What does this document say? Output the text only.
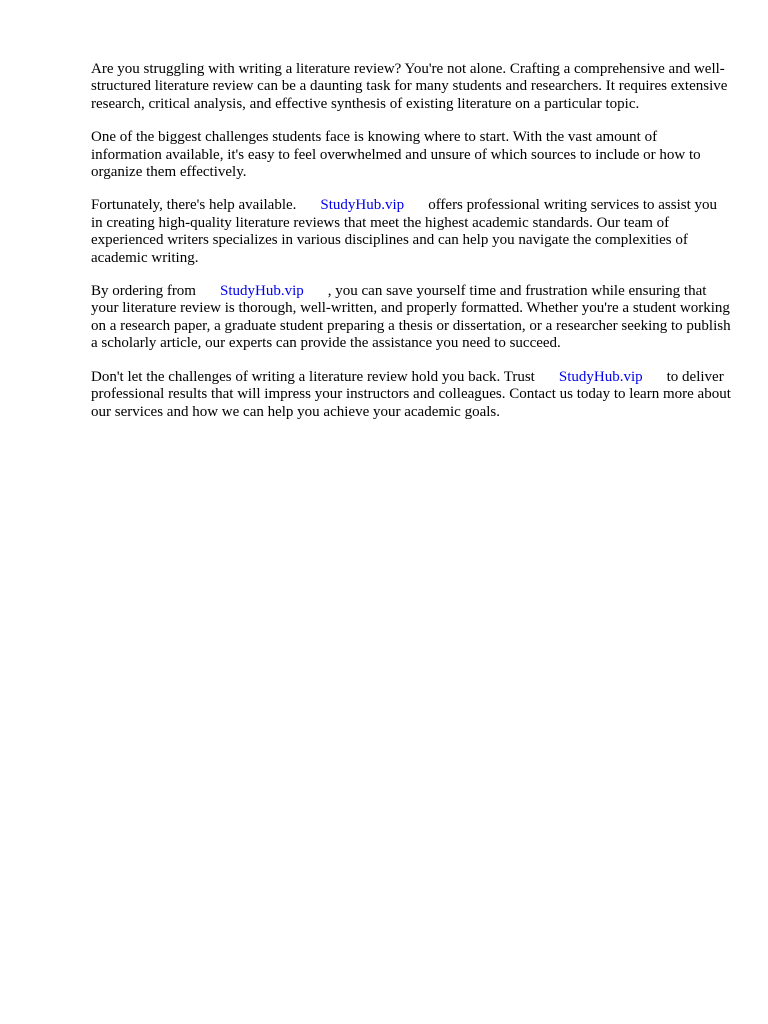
Are you struggling with writing a literature review? You're not alone. Crafting a comprehensive and well-structured literature review can be a daunting task for many students and researchers. It requires extensive research, critical analysis, and effective synthesis of existing literature on a particular topic.

One of the biggest challenges students face is knowing where to start. With the vast amount of information available, it's easy to feel overwhelmed and unsure of which sources to include or how to organize them effectively.

Fortunately, there's help available. StudyHub.vip offers professional writing services to assist you in creating high-quality literature reviews that meet the highest academic standards. Our team of experienced writers specializes in various disciplines and can help you navigate the complexities of academic writing.

By ordering from StudyHub.vip , you can save yourself time and frustration while ensuring that your literature review is thorough, well-written, and properly formatted. Whether you're a student working on a research paper, a graduate student preparing a thesis or dissertation, or a researcher seeking to publish a scholarly article, our experts can provide the assistance you need to succeed.

Don't let the challenges of writing a literature review hold you back. Trust StudyHub.vip to deliver professional results that will impress your instructors and colleagues. Contact us today to learn more about our services and how we can help you achieve your academic goals.
